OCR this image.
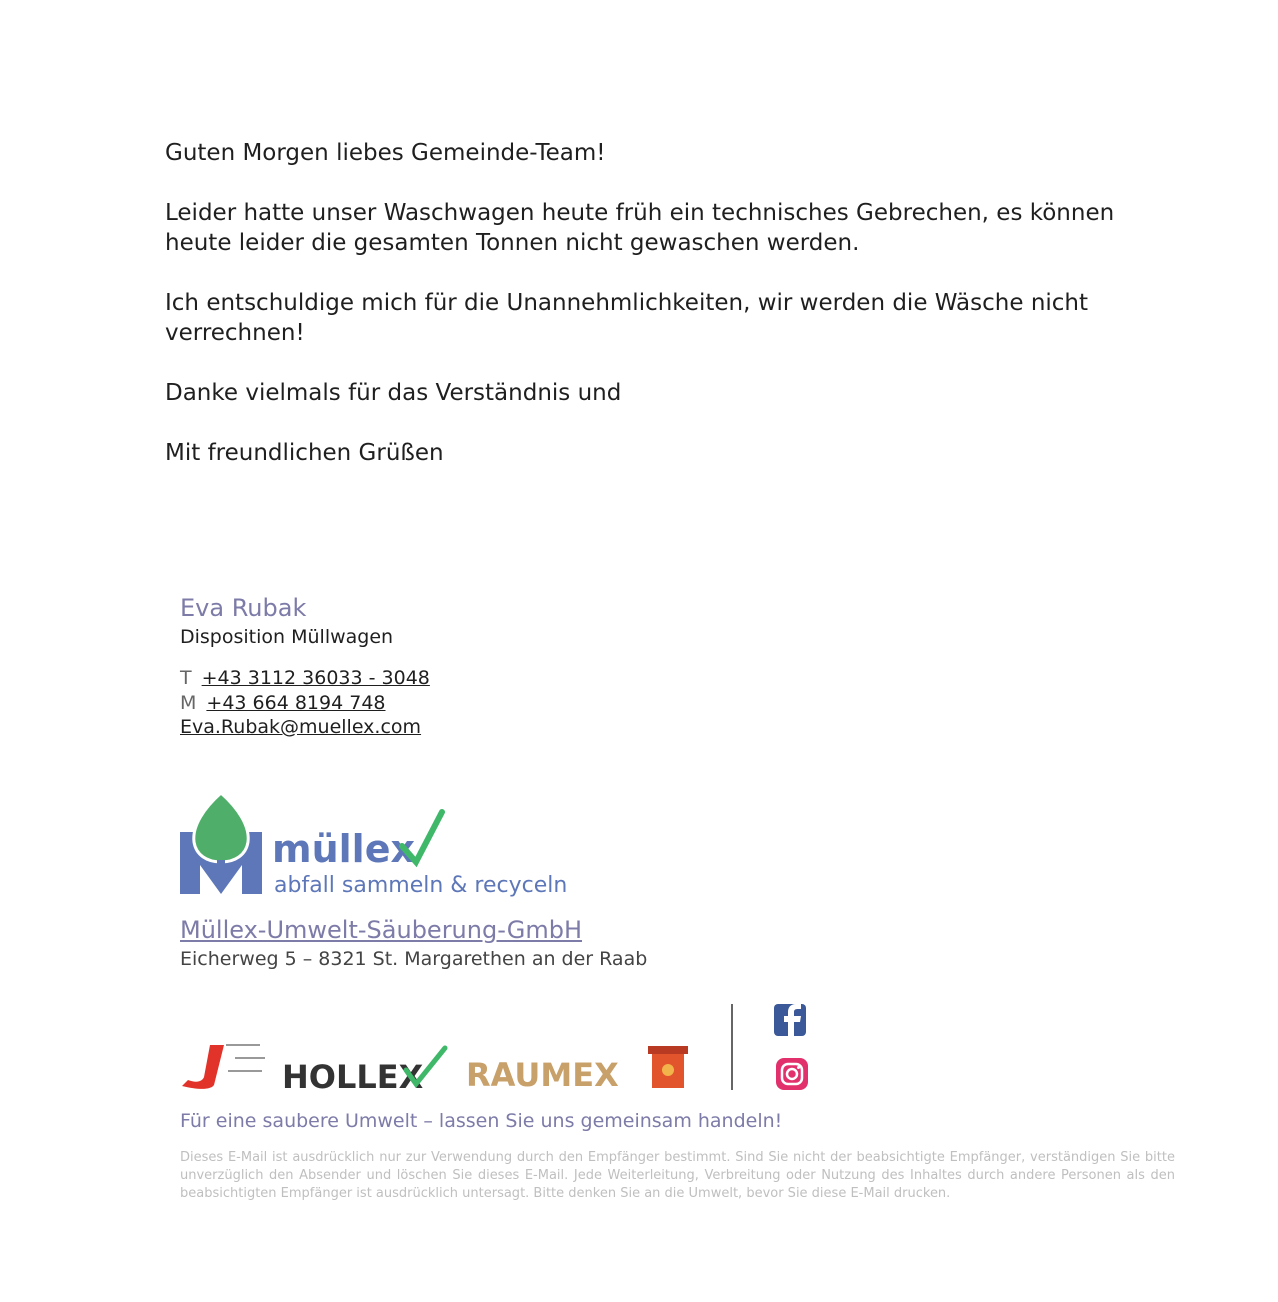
Guten Morgen liebes Gemeinde-Team!

Leider hatte unser Waschwagen heute früh ein technisches Gebrechen, es können heute leider die gesamten Tonnen nicht gewaschen werden.

Ich entschuldige mich für die Unannehmlichkeiten, wir werden die Wäsche nicht verrechnen!

Danke vielmals für das Verständnis und

Mit freundlichen Grüßen

Eva Rubak
Disposition Müllwagen
T +43 3112 36033 - 3048
M +43 664 8194 748
Eva.Rubak@muellex.com
müllex
abfall sammeln & recyceln
Müllex-Umwelt-Säuberung-GmbH
Eicherweg 5 – 8321 St. Margarethen an der Raab
HOLLEX RAUMEX
Für eine saubere Umwelt – lassen Sie uns gemeinsam handeln!
Dieses E-Mail ist ausdrücklich nur zur Verwendung durch den Empfänger bestimmt. Sind Sie nicht der beabsichtigte Empfänger, verständigen Sie bitte unverzüglich den Absender und löschen Sie dieses E-Mail. Jede Weiterleitung, Verbreitung oder Nutzung des Inhaltes durch andere Personen als den beabsichtigten Empfänger ist ausdrücklich untersagt. Bitte denken Sie an die Umwelt, bevor Sie diese E-Mail drucken.
